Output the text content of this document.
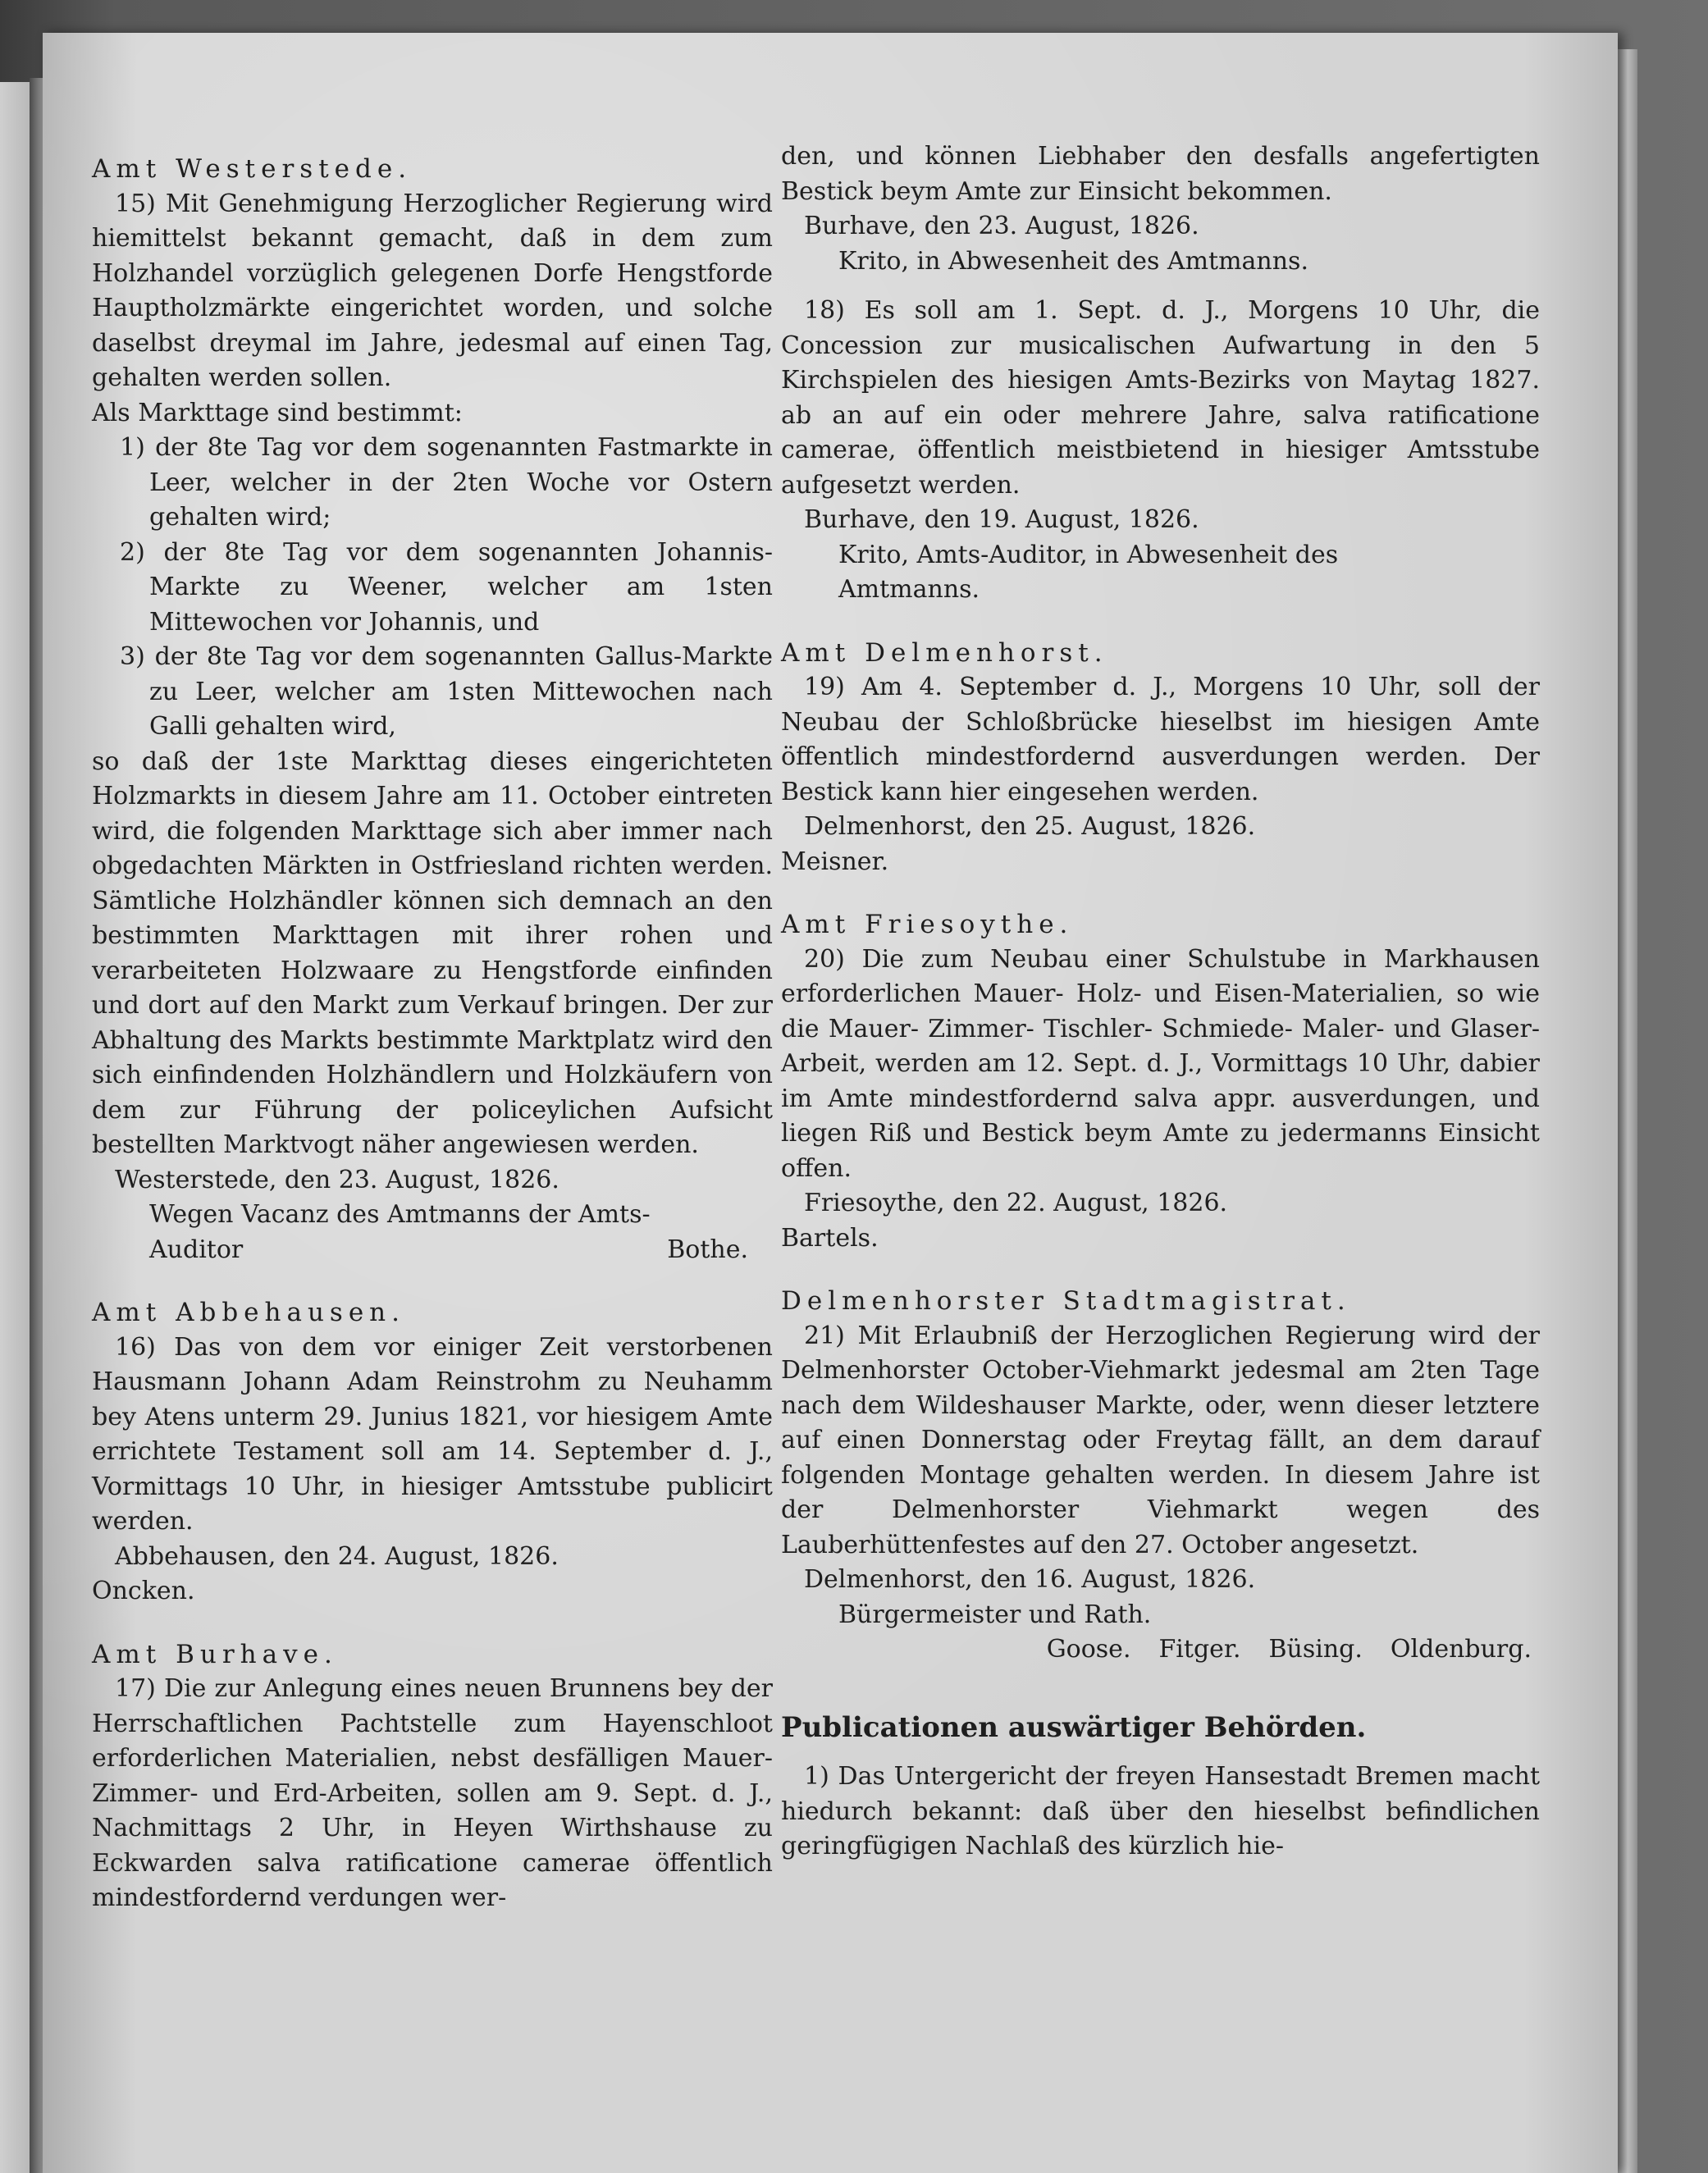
Amt Westerstede.

15) Mit Genehmigung Herzoglicher Regierung wird hiemittelst bekannt gemacht, daß in dem zum Holzhandel vorzüglich gelegenen Dorfe Hengstforde Hauptholzmärkte eingerichtet worden, und solche daselbst dreymal im Jahre, jedesmal auf einen Tag, gehalten werden sollen.

Als Markttage sind bestimmt:

1) der 8te Tag vor dem sogenannten Fastmarkte in Leer, welcher in der 2ten Woche vor Ostern gehalten wird;

2) der 8te Tag vor dem sogenannten Johannis-Markte zu Weener, welcher am 1sten Mittewochen vor Johannis, und

3) der 8te Tag vor dem sogenannten Gallus-Markte zu Leer, welcher am 1sten Mittewochen nach Galli gehalten wird,

so daß der 1ste Markttag dieses eingerichteten Holzmarkts in diesem Jahre am 11. October eintreten wird, die folgenden Markttage sich aber immer nach obgedachten Märkten in Ostfriesland richten werden. Sämtliche Holzhändler können sich demnach an den bestimmten Markttagen mit ihrer rohen und verarbeiteten Holzwaare zu Hengstforde einfinden und dort auf den Markt zum Verkauf bringen. Der zur Abhaltung des Markts bestimmte Marktplatz wird den sich einfindenden Holzhändlern und Holzkäufern von dem zur Führung der policeylichen Aufsicht bestellten Marktvogt näher angewiesen werden.

Westerstede, den 23. August, 1826.

Wegen Vacanz des Amtmanns der Amts-

Auditor	Bothe.

Amt Abbehausen.

16) Das von dem vor einiger Zeit verstorbenen Hausmann Johann Adam Reinstrohm zu Neuhamm bey Atens unterm 29. Junius 1821, vor hiesigem Amte errichtete Testament soll am 14. September d. J., Vormittags 10 Uhr, in hiesiger Amtsstube publicirt werden.

Abbehausen, den 24. August, 1826.

Oncken.

Amt Burhave.

17) Die zur Anlegung eines neuen Brunnens bey der Herrschaftlichen Pachtstelle zum Hayenschloot erforderlichen Materialien, nebst desfälligen Mauer- Zimmer- und Erd-Arbeiten, sollen am 9. Sept. d. J., Nachmittags 2 Uhr, in Heyen Wirthshause zu Eckwarden salva ratificatione camerae öffentlich mindestfordernd verdungen wer-

den, und können Liebhaber den desfalls angefertigten Bestick beym Amte zur Einsicht bekommen.

Burhave, den 23. August, 1826.

Krito, in Abwesenheit des Amtmanns.

18) Es soll am 1. Sept. d. J., Morgens 10 Uhr, die Concession zur musicalischen Aufwartung in den 5 Kirchspielen des hiesigen Amts-Bezirks von Maytag 1827. ab an auf ein oder mehrere Jahre, salva ratificatione camerae, öffentlich meistbietend in hiesiger Amtsstube aufgesetzt werden.

Burhave, den 19. August, 1826.

Krito, Amts-Auditor, in Abwesenheit des

Amtmanns.

Amt Delmenhorst.

19) Am 4. September d. J., Morgens 10 Uhr, soll der Neubau der Schloßbrücke hieselbst im hiesigen Amte öffentlich mindestfordernd ausverdungen werden. Der Bestick kann hier eingesehen werden.

Delmenhorst, den 25. August, 1826.

Meisner.

Amt Friesoythe.

20) Die zum Neubau einer Schulstube in Markhausen erforderlichen Mauer- Holz- und Eisen-Materialien, so wie die Mauer- Zimmer- Tischler- Schmiede- Maler- und Glaser-Arbeit, werden am 12. Sept. d. J., Vormittags 10 Uhr, dabier im Amte mindestfordernd salva appr. ausverdungen, und liegen Riß und Bestick beym Amte zu jedermanns Einsicht offen.

Friesoythe, den 22. August, 1826.

Bartels.

Delmenhorster Stadtmagistrat.

21) Mit Erlaubniß der Herzoglichen Regierung wird der Delmenhorster October-Viehmarkt jedesmal am 2ten Tage nach dem Wildeshauser Markte, oder, wenn dieser letztere auf einen Donnerstag oder Freytag fällt, an dem darauf folgenden Montage gehalten werden. In diesem Jahre ist der Delmenhorster Viehmarkt wegen des Lauberhüttenfestes auf den 27. October angesetzt.

Delmenhorst, den 16. August, 1826.

Bürgermeister und Rath.

Goose. Fitger. Büsing. Oldenburg.

Publicationen auswärtiger Behörden.

1) Das Untergericht der freyen Hansestadt Bremen macht hiedurch bekannt: daß über den hieselbst befindlichen geringfügigen Nachlaß des kürzlich hie-
